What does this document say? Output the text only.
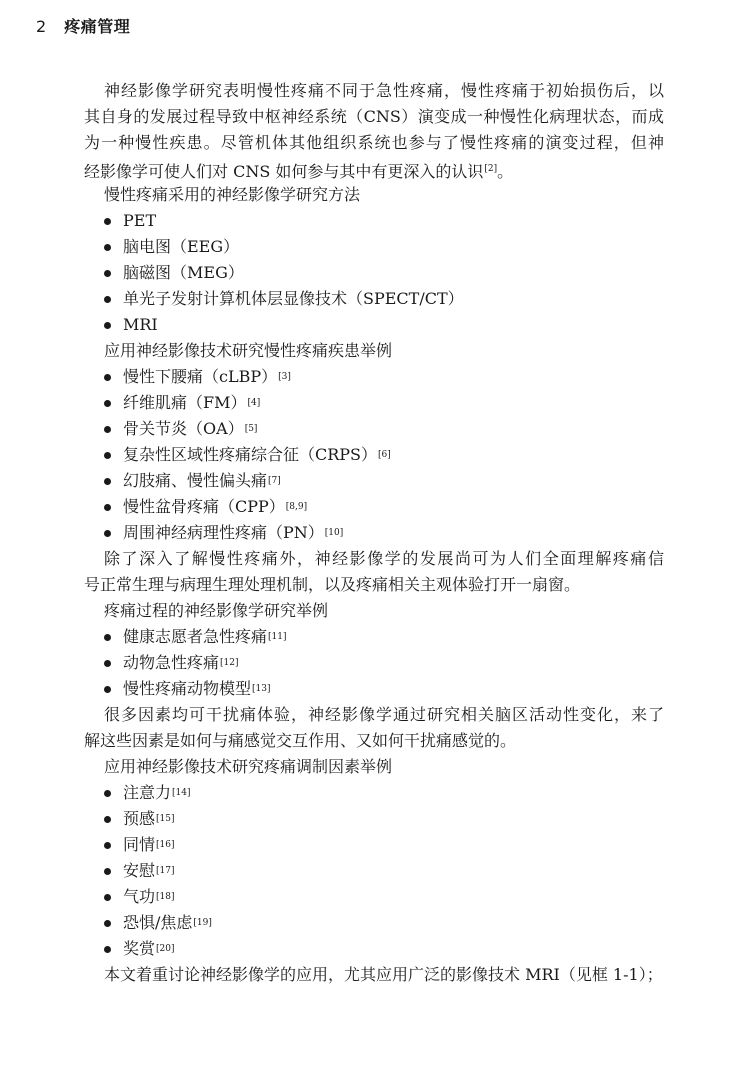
2 疼痛管理
神经影像学研究表明慢性疼痛不同于急性疼痛，慢性疼痛于初始损伤后，以
其自身的发展过程导致中枢神经系统（CNS）演变成一种慢性化病理状态，而成
为一种慢性疾患。尽管机体其他组织系统也参与了慢性疼痛的演变过程，但神
经影像学可使人们对 CNS 如何参与其中有更深入的认识[2]。
慢性疼痛采用的神经影像学研究方法
PET
脑电图（EEG）
脑磁图（MEG）
单光子发射计算机体层显像技术（SPECT/CT）
MRI
应用神经影像技术研究慢性疼痛疾患举例
慢性下腰痛（cLBP） [3]
纤维肌痛（FM） [4]
骨关节炎（OA） [5]
复杂性区域性疼痛综合征（CRPS） [6]
幻肢痛、慢性偏头痛 [7]
慢性盆骨疼痛（CPP） [8,9]
周围神经病理性疼痛（PN） [10]
除了深入了解慢性疼痛外，神经影像学的发展尚可为人们全面理解疼痛信
号正常生理与病理生理处理机制，以及疼痛相关主观体验打开一扇窗。
疼痛过程的神经影像学研究举例
健康志愿者急性疼痛 [11]
动物急性疼痛 [12]
慢性疼痛动物模型 [13]
很多因素均可干扰痛体验，神经影像学通过研究相关脑区活动性变化，来了
解这些因素是如何与痛感觉交互作用、又如何干扰痛感觉的。
应用神经影像技术研究疼痛调制因素举例
注意力 [14]
预感 [15]
同情 [16]
安慰 [17]
气功 [18]
恐惧/焦虑 [19]
奖赏 [20]
本文着重讨论神经影像学的应用，尤其应用广泛的影像技术 MRI（见框 1-1）；
